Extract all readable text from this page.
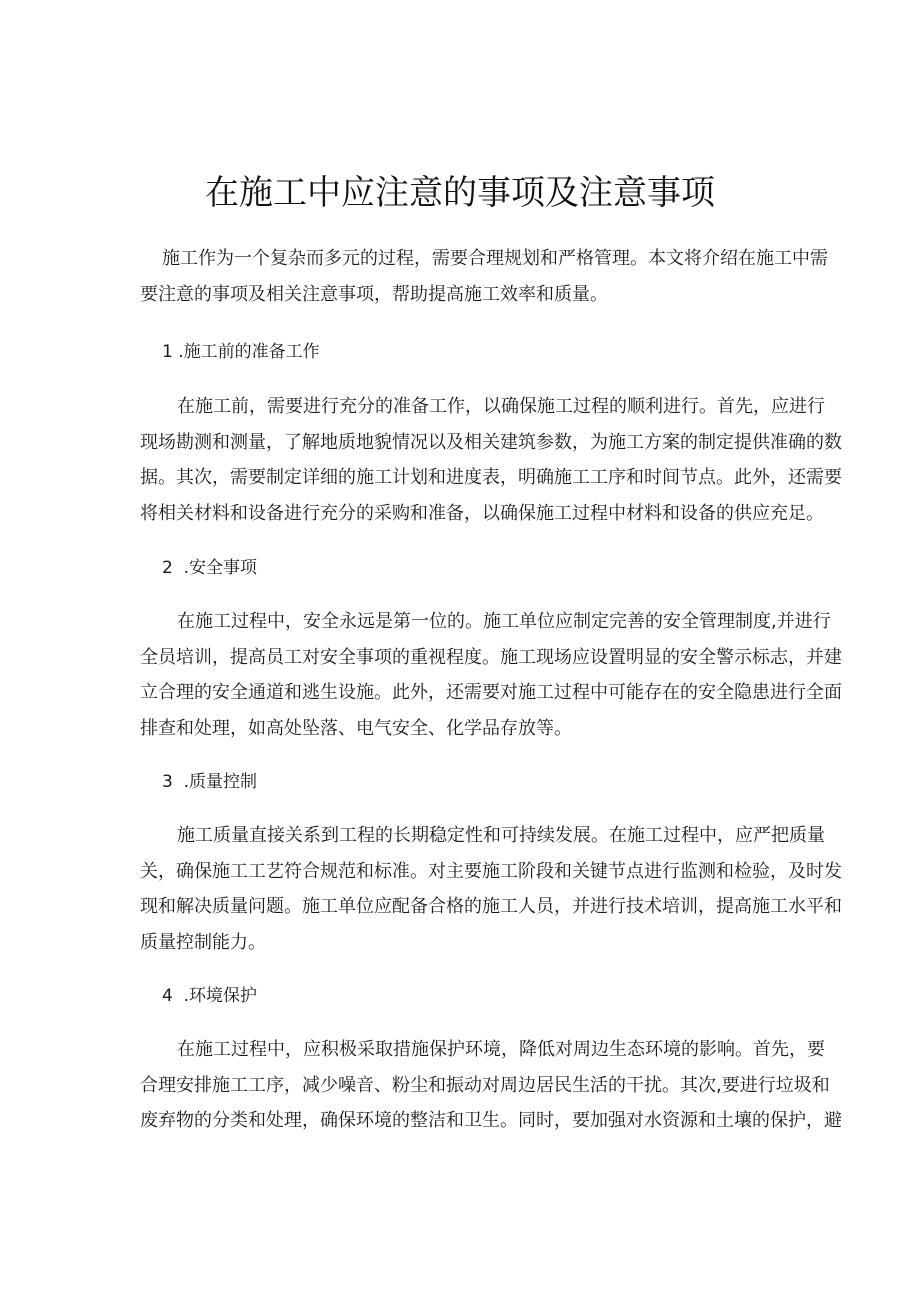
在施工中应注意的事项及注意事项
施工作为一个复杂而多元的过程，需要合理规划和严格管理。本文将介绍在施工中需
要注意的事项及相关注意事项，帮助提高施工效率和质量。
1 .施工前的准备工作
在施工前，需要进行充分的准备工作，以确保施工过程的顺利进行。首先，应进行
现场勘测和测量，了解地质地貌情况以及相关建筑参数，为施工方案的制定提供准确的数
据。其次，需要制定详细的施工计划和进度表，明确施工工序和时间节点。此外，还需要
将相关材料和设备进行充分的采购和准备，以确保施工过程中材料和设备的供应充足。
2  .安全事项
在施工过程中，安全永远是第一位的。施工单位应制定完善的安全管理制度,并进行
全员培训，提高员工对安全事项的重视程度。施工现场应设置明显的安全警示标志，并建
立合理的安全通道和逃生设施。此外，还需要对施工过程中可能存在的安全隐患进行全面
排查和处理，如高处坠落、电气安全、化学品存放等。
3  .质量控制
施工质量直接关系到工程的长期稳定性和可持续发展。在施工过程中，应严把质量
关，确保施工工艺符合规范和标准。对主要施工阶段和关键节点进行监测和检验，及时发
现和解决质量问题。施工单位应配备合格的施工人员，并进行技术培训，提高施工水平和
质量控制能力。
4  .环境保护
在施工过程中，应积极采取措施保护环境，降低对周边生态环境的影响。首先，要
合理安排施工工序，减少噪音、粉尘和振动对周边居民生活的干扰。其次,要进行垃圾和
废弃物的分类和处理，确保环境的整洁和卫生。同时，要加强对水资源和土壤的保护，避
